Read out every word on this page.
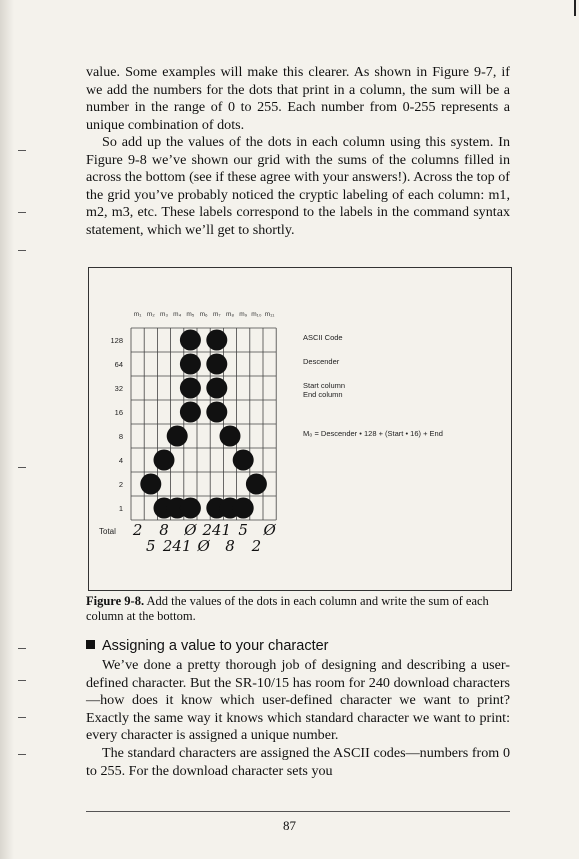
value. Some examples will make this clearer. As shown in Figure 9-7, if we add the numbers for the dots that print in a column, the sum will be a number in the range of 0 to 255. Each number from 0-255 represents a unique combination of dots.

So add up the values of the dots in each column using this system. In Figure 9-8 we’ve shown our grid with the sums of the columns filled in across the bottom (see if these agree with your answers!). Across the top of the grid you’ve probably noticed the cryptic labeling of each column: m1, m2, m3, etc. These labels correspond to the labels in the command syntax statement, which we’ll get to shortly.

m₁ m₂ m₃ m₄ m₅ m₆ m₇ m₈ m₉ m₁₀ m₁₁
128
64
32
16
8
4
2
1
Total 2 8 Ø 241 5 Ø
5 241 Ø 8 2
ASCII Code
Descender
Start column
End column
M₀ = Descender • 128 + (Start • 16) + End

Figure 9-8. Add the values of the dots in each column and write the sum of each column at the bottom.

Assigning a value to your character

We’ve done a pretty thorough job of designing and describing a user-defined character. But the SR-10/15 has room for 240 download characters—how does it know which user-defined character we want to print? Exactly the same way it knows which standard character we want to print: every character is assigned a unique number.

The standard characters are assigned the ASCII codes—numbers from 0 to 255. For the download character sets you

87
